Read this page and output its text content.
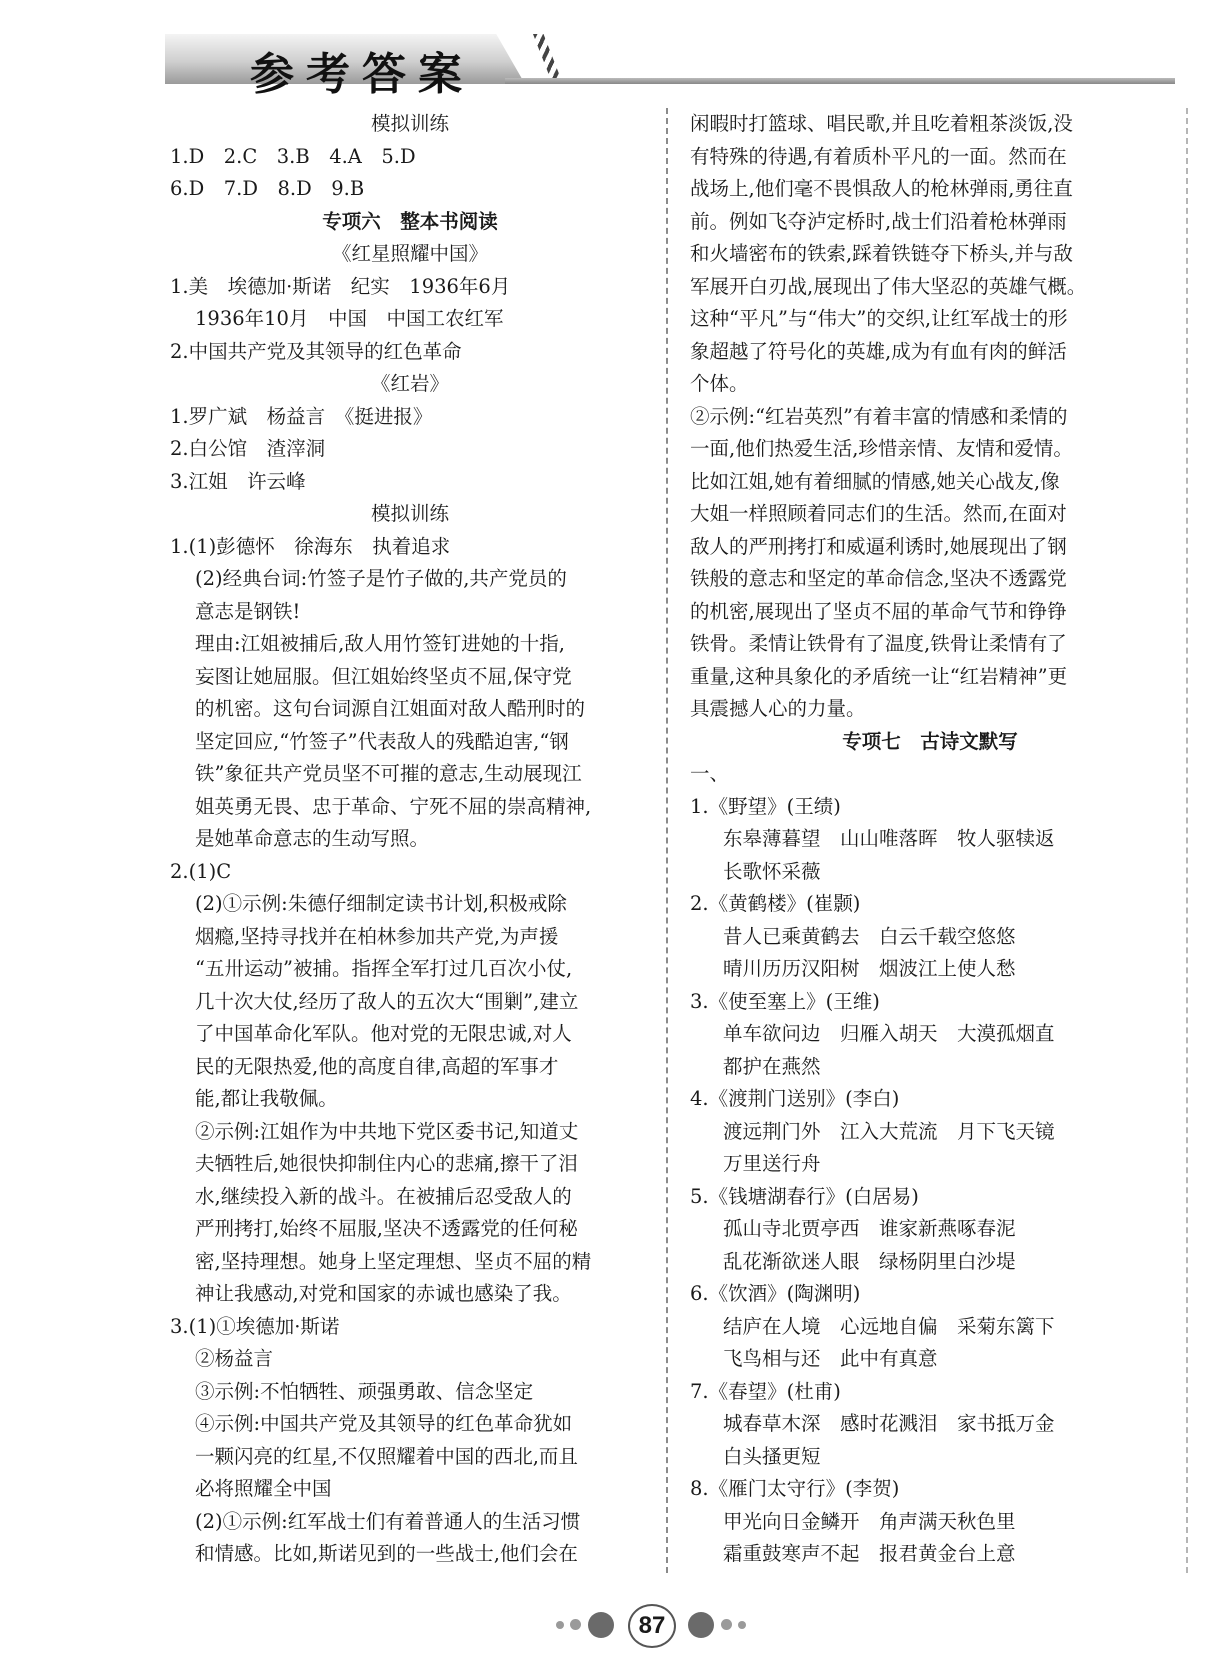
参考答案
模拟训练
1.D　2.C　3.B　4.A　5.D
6.D　7.D　8.D　9.B
专项六　整本书阅读
《红星照耀中国》
1.美　埃德加·斯诺　纪实　1936年6月
1936年10月　中国　中国工农红军
2.中国共产党及其领导的红色革命
《红岩》
1.罗广斌　杨益言　《挺进报》
2.白公馆　渣滓洞
3.江姐　许云峰
模拟训练
1.(1)彭德怀　徐海东　执着追求
(2)经典台词:竹签子是竹子做的,共产党员的
意志是钢铁!
理由:江姐被捕后,敌人用竹签钉进她的十指,
妄图让她屈服。但江姐始终坚贞不屈,保守党
的机密。这句台词源自江姐面对敌人酷刑时的
坚定回应,“竹签子”代表敌人的残酷迫害,“钢
铁”象征共产党员坚不可摧的意志,生动展现江
姐英勇无畏、忠于革命、宁死不屈的崇高精神,
是她革命意志的生动写照。
2.(1)C
(2)①示例:朱德仔细制定读书计划,积极戒除
烟瘾,坚持寻找并在柏林参加共产党,为声援
“五卅运动”被捕。指挥全军打过几百次小仗,
几十次大仗,经历了敌人的五次大“围剿”,建立
了中国革命化军队。他对党的无限忠诚,对人
民的无限热爱,他的高度自律,高超的军事才
能,都让我敬佩。
②示例:江姐作为中共地下党区委书记,知道丈
夫牺牲后,她很快抑制住内心的悲痛,擦干了泪
水,继续投入新的战斗。在被捕后忍受敌人的
严刑拷打,始终不屈服,坚决不透露党的任何秘
密,坚持理想。她身上坚定理想、坚贞不屈的精
神让我感动,对党和国家的赤诚也感染了我。
3.(1)①埃德加·斯诺
②杨益言
③示例:不怕牺牲、顽强勇敢、信念坚定
④示例:中国共产党及其领导的红色革命犹如
一颗闪亮的红星,不仅照耀着中国的西北,而且
必将照耀全中国
(2)①示例:红军战士们有着普通人的生活习惯
和情感。比如,斯诺见到的一些战士,他们会在
闲暇时打篮球、唱民歌,并且吃着粗茶淡饭,没
有特殊的待遇,有着质朴平凡的一面。然而在
战场上,他们毫不畏惧敌人的枪林弹雨,勇往直
前。例如飞夺泸定桥时,战士们沿着枪林弹雨
和火墙密布的铁索,踩着铁链夺下桥头,并与敌
军展开白刃战,展现出了伟大坚忍的英雄气概。
这种“平凡”与“伟大”的交织,让红军战士的形
象超越了符号化的英雄,成为有血有肉的鲜活
个体。
②示例:“红岩英烈”有着丰富的情感和柔情的
一面,他们热爱生活,珍惜亲情、友情和爱情。
比如江姐,她有着细腻的情感,她关心战友,像
大姐一样照顾着同志们的生活。然而,在面对
敌人的严刑拷打和威逼利诱时,她展现出了钢
铁般的意志和坚定的革命信念,坚决不透露党
的机密,展现出了坚贞不屈的革命气节和铮铮
铁骨。柔情让铁骨有了温度,铁骨让柔情有了
重量,这种具象化的矛盾统一让“红岩精神”更
具震撼人心的力量。
专项七　古诗文默写
一、
1.《野望》(王绩)
东皋薄暮望　山山唯落晖　牧人驱犊返
长歌怀采薇
2.《黄鹤楼》(崔颢)
昔人已乘黄鹤去　白云千载空悠悠
晴川历历汉阳树　烟波江上使人愁
3.《使至塞上》(王维)
单车欲问边　归雁入胡天　大漠孤烟直
都护在燕然
4.《渡荆门送别》(李白)
渡远荆门外　江入大荒流　月下飞天镜
万里送行舟
5.《钱塘湖春行》(白居易)
孤山寺北贾亭西　谁家新燕啄春泥
乱花渐欲迷人眼　绿杨阴里白沙堤
6.《饮酒》(陶渊明)
结庐在人境　心远地自偏　采菊东篱下
飞鸟相与还　此中有真意
7.《春望》(杜甫)
城春草木深　感时花溅泪　家书抵万金
白头搔更短
8.《雁门太守行》(李贺)
甲光向日金鳞开　角声满天秋色里
霜重鼓寒声不起　报君黄金台上意
87
